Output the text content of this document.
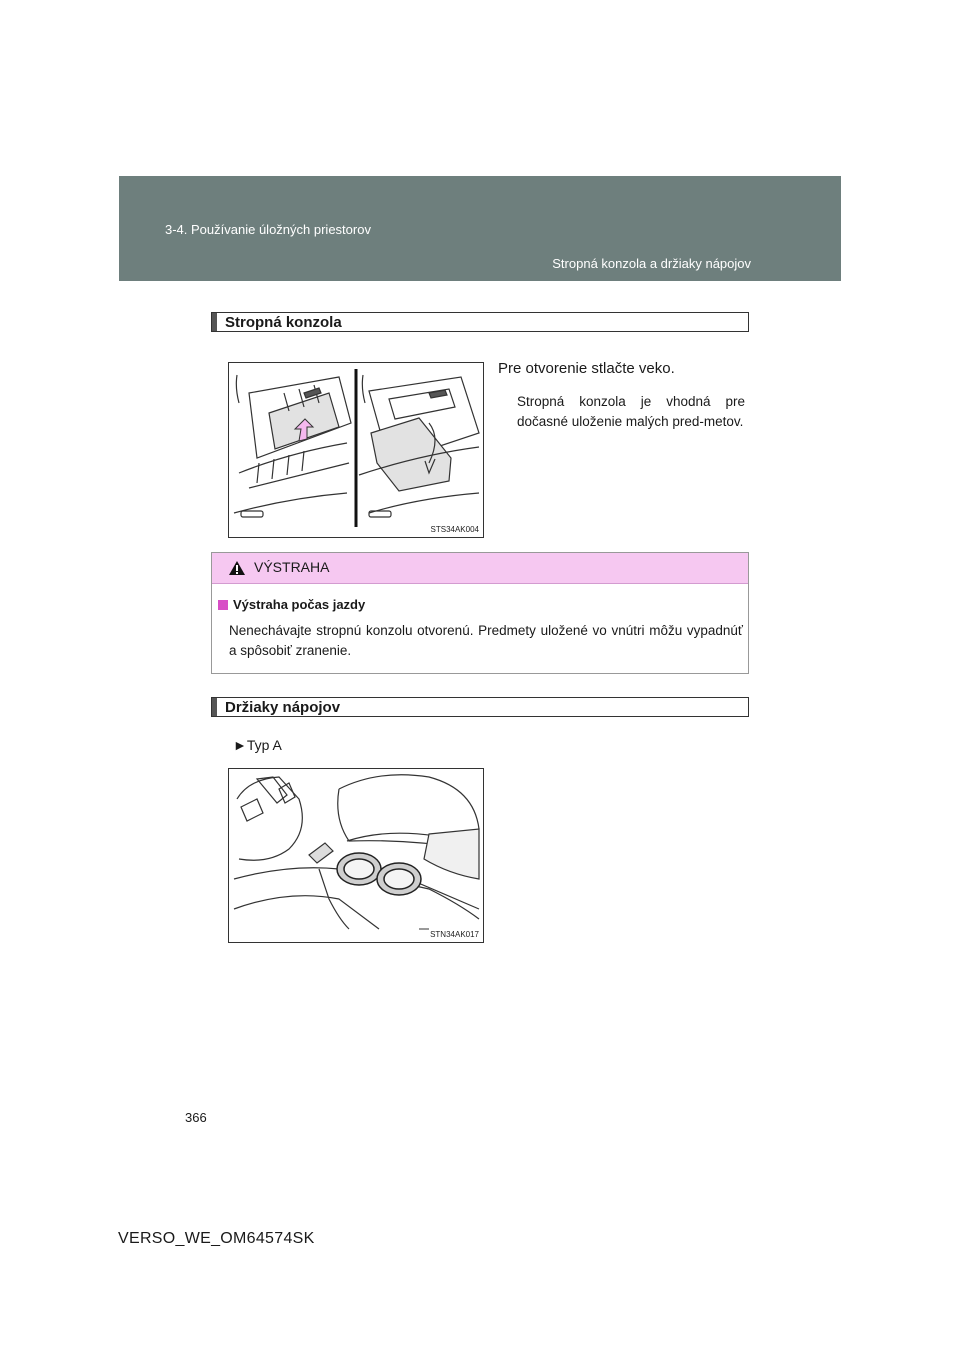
3-4. Používanie úložných priestorov
Stropná konzola a držiaky nápojov
Stropná konzola
STS34AK004
Pre otvorenie stlačte veko.
Stropná konzola je vhodná pre dočasné uloženie malých pred-metov.
VÝSTRAHA
Výstraha počas jazdy
Nenechávajte stropnú konzolu otvorenú. Predmety uložené vo vnútri môžu vypadnúť a spôsobiť zranenie.
Držiaky nápojov
►Typ A
STN34AK017
366
VERSO_WE_OM64574SK
